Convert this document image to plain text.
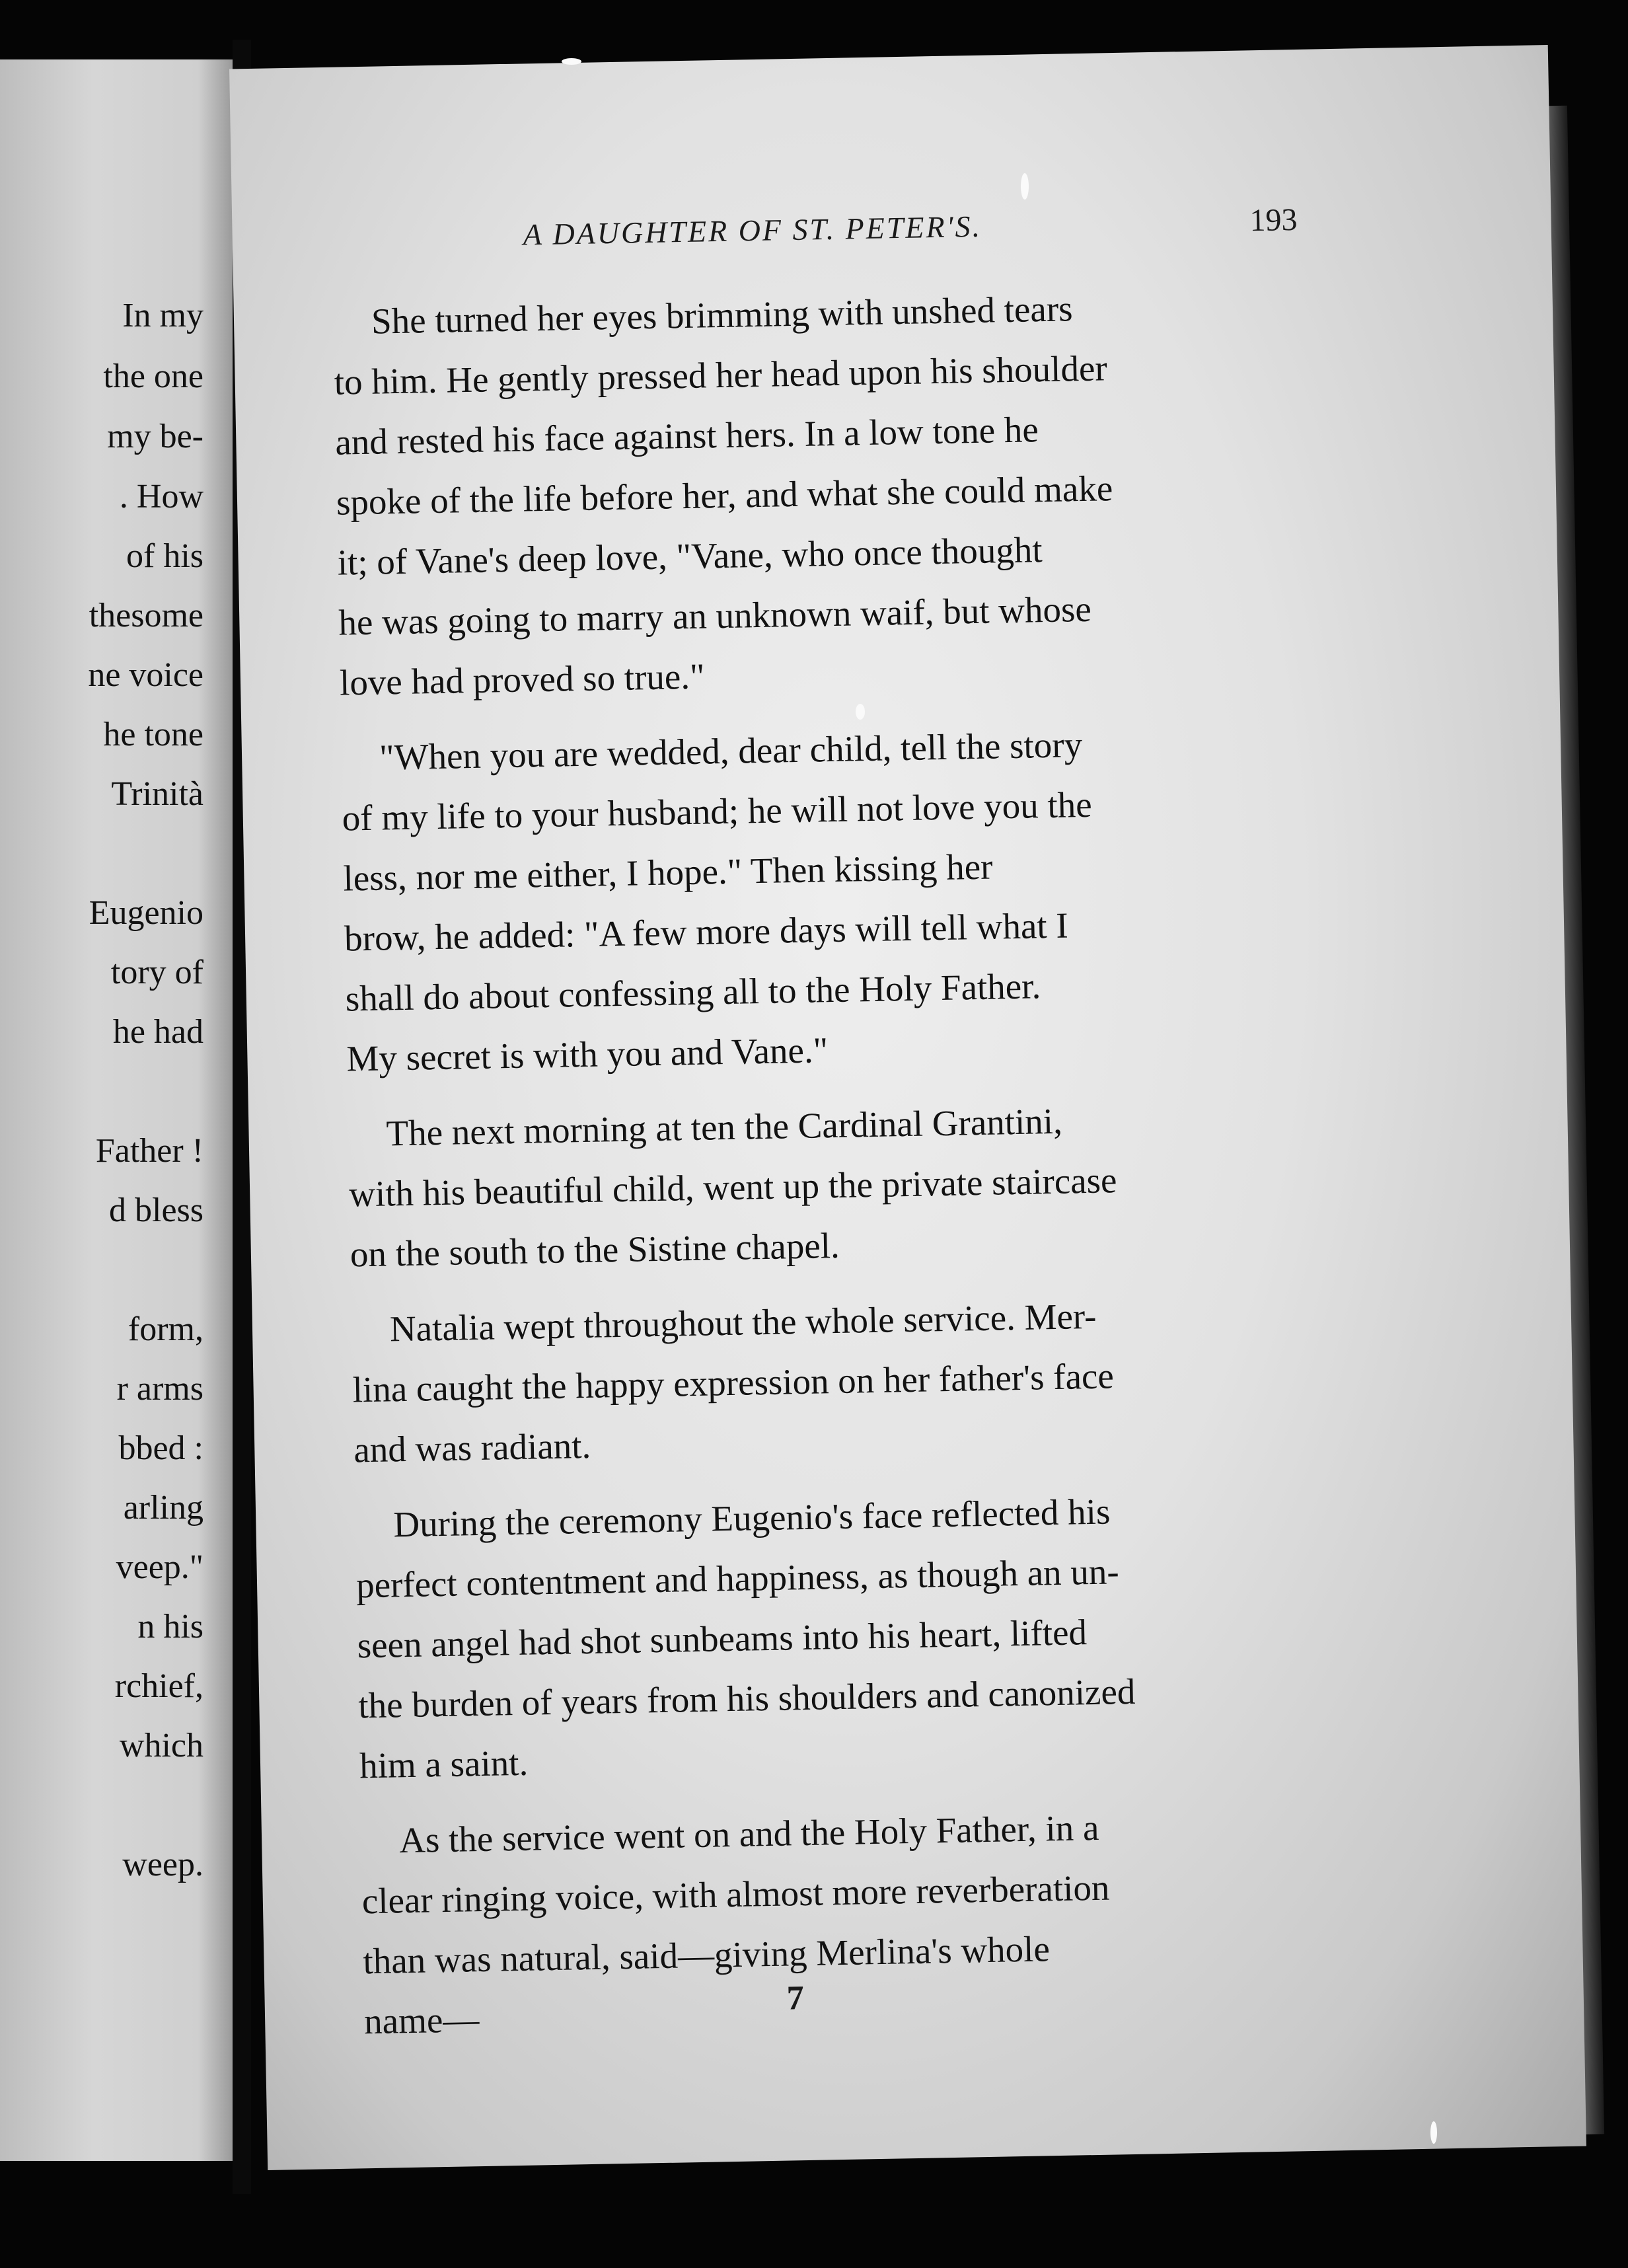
In my

the one

my be-

. How

of his

thesome

ne voice

he tone

Trinità

Eugenio

tory of

he had

Father !

d bless

form,

r arms

bbed :

arling

veep."

n his

rchief,

which

weep.

A DAUGHTER OF ST. PETER'S.	193

She turned her eyes brimming with unshed tears
to him. He gently pressed her head upon his shoulder
and rested his face against hers. In a low tone he
spoke of the life before her, and what she could make
it; of Vane's deep love, "Vane, who once thought
he was going to marry an unknown waif, but whose
love had proved so true."

"When you are wedded, dear child, tell the story
of my life to your husband; he will not love you the
less, nor me either, I hope." Then kissing her
brow, he added: "A few more days will tell what I
shall do about confessing all to the Holy Father.
My secret is with you and Vane."

The next morning at ten the Cardinal Grantini,
with his beautiful child, went up the private staircase
on the south to the Sistine chapel.

Natalia wept throughout the whole service. Mer-
lina caught the happy expression on her father's face
and was radiant.

During the ceremony Eugenio's face reflected his
perfect contentment and happiness, as though an un-
seen angel had shot sunbeams into his heart, lifted
the burden of years from his shoulders and canonized
him a saint.

As the service went on and the Holy Father, in a
clear ringing voice, with almost more reverberation
than was natural, said—giving Merlina's whole
name—

7
